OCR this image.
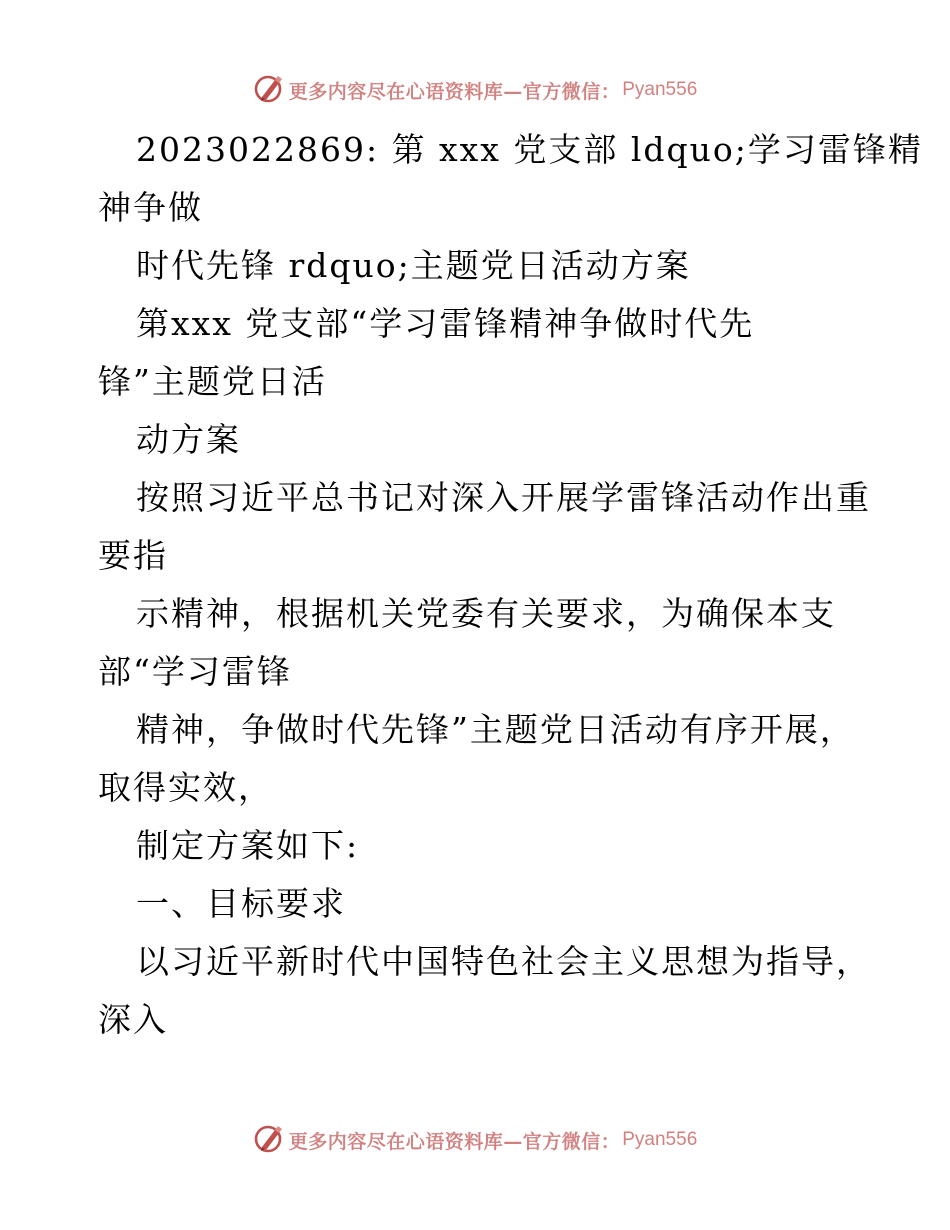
更多内容尽在心语资料库—官方微信： Pyan556
2023022869: 第 xxx 党支部 ldquo;学习雷锋精
神争做
时代先锋 rdquo;主题党日活动方案
第xxx 党支部“学习雷锋精神争做时代先
锋”主题党日活
动方案
按照习近平总书记对深入开展学雷锋活动作出重
要指
示精神，根据机关党委有关要求，为确保本支
部“学习雷锋
精神，争做时代先锋”主题党日活动有序开展，
取得实效，
制定方案如下:
一、目标要求
以习近平新时代中国特色社会主义思想为指导，
深入
更多内容尽在心语资料库—官方微信： Pyan556
